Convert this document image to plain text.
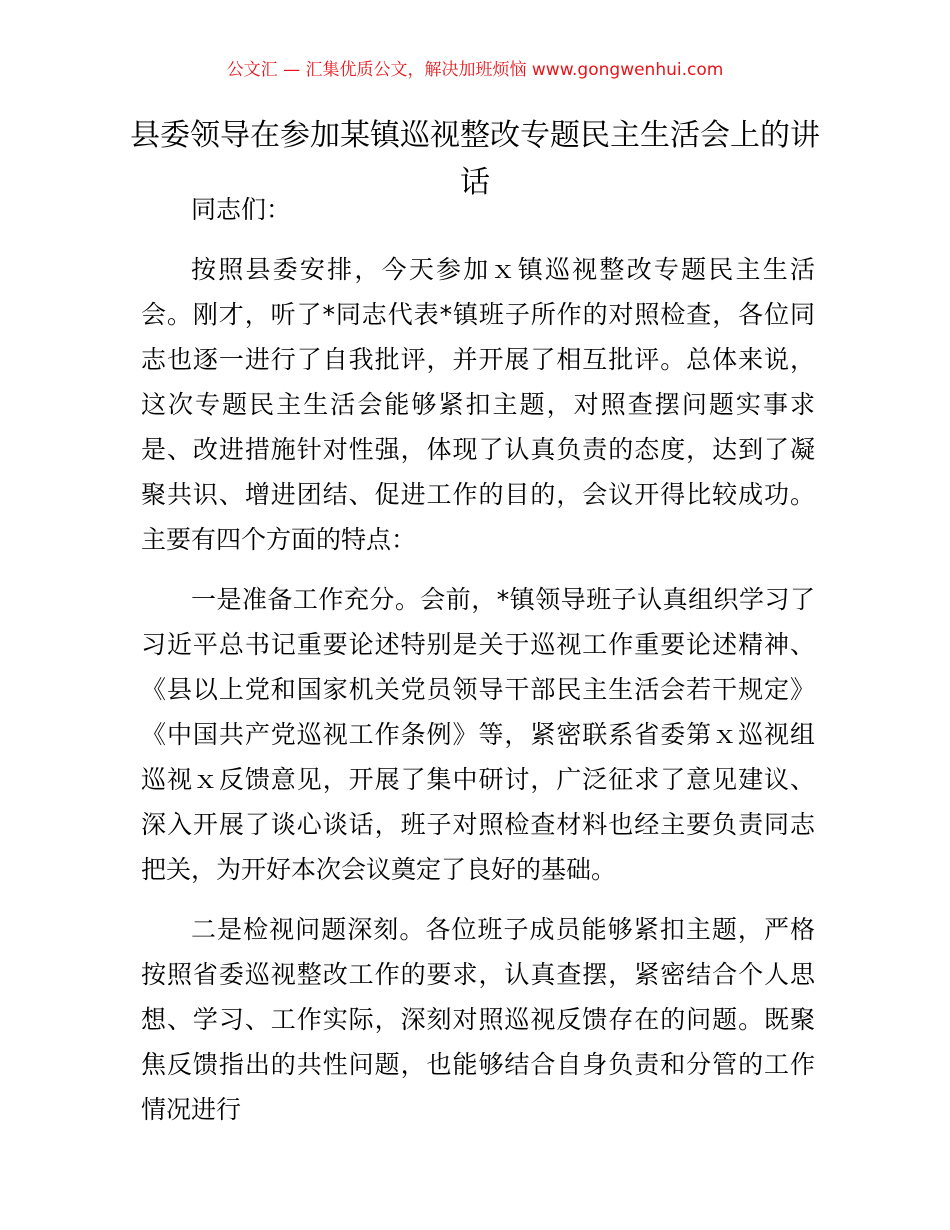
公文汇 — 汇集优质公文，解决加班烦恼 www.gongwenhui.com
县委领导在参加某镇巡视整改专题民主生活会上的讲话

同志们：

按照县委安排，今天参加ｘ镇巡视整改专题民主生活会。刚才，听了*同志代表*镇班子所作的对照检查，各位同志也逐一进行了自我批评，并开展了相互批评。总体来说，这次专题民主生活会能够紧扣主题，对照查摆问题实事求是、改进措施针对性强，体现了认真负责的态度，达到了凝聚共识、增进团结、促进工作的目的，会议开得比较成功。主要有四个方面的特点：

一是准备工作充分。会前，*镇领导班子认真组织学习了习近平总书记重要论述特别是关于巡视工作重要论述精神、《县以上党和国家机关党员领导干部民主生活会若干规定》《中国共产党巡视工作条例》等，紧密联系省委第ｘ巡视组巡视ｘ反馈意见，开展了集中研讨，广泛征求了意见建议、深入开展了谈心谈话，班子对照检查材料也经主要负责同志把关，为开好本次会议奠定了良好的基础。

二是检视问题深刻。各位班子成员能够紧扣主题，严格按照省委巡视整改工作的要求，认真查摆，紧密结合个人思想、学习、工作实际，深刻对照巡视反馈存在的问题。既聚焦反馈指出的共性问题，也能够结合自身负责和分管的工作情况进行
